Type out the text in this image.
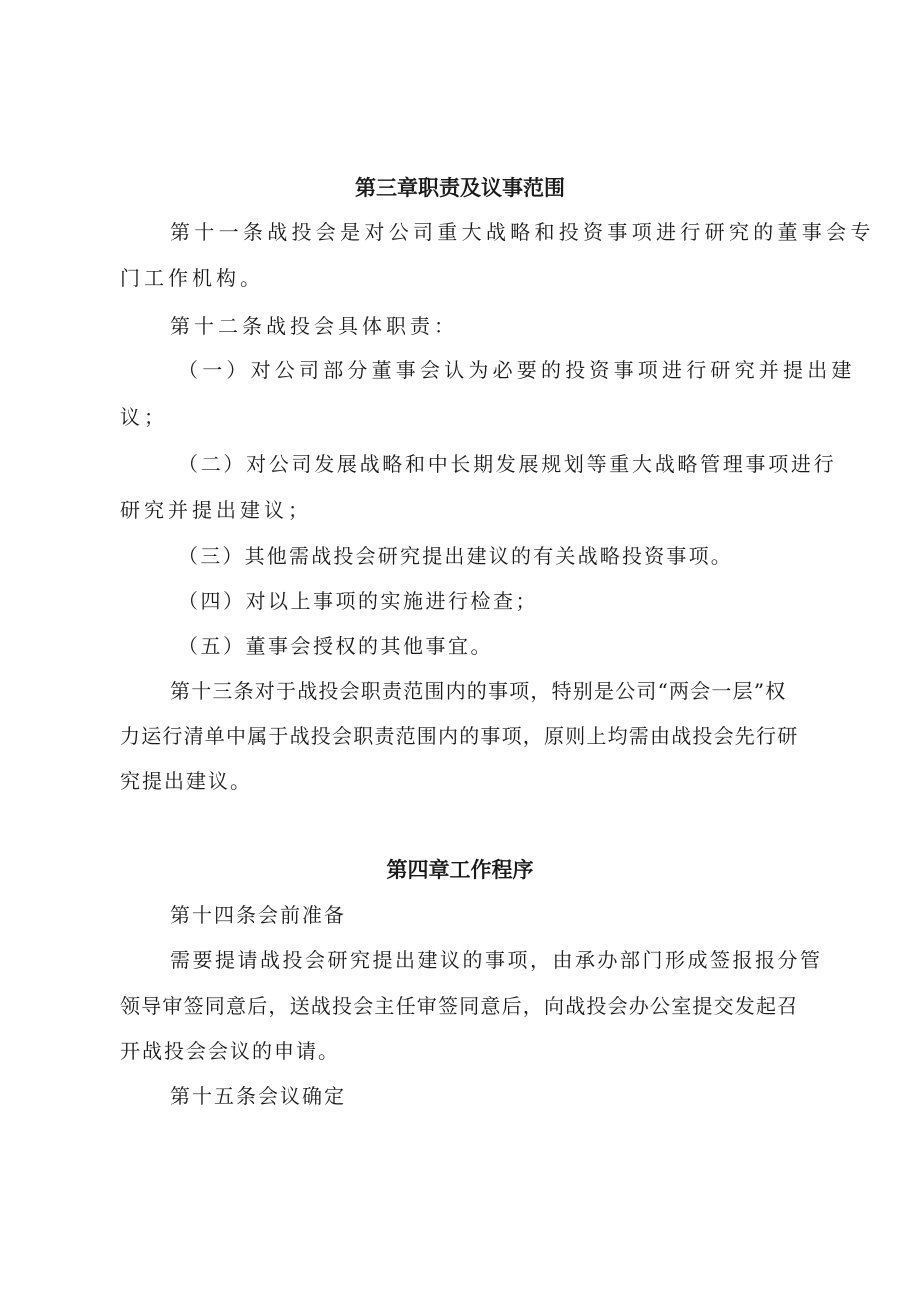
第三章职责及议事范围
第十一条战投会是对公司重大战略和投资事项进行研究的董事会专
门工作机构。
第十二条战投会具体职责：
（一）对公司部分董事会认为必要的投资事项进行研究并提出建
议；
（二）对公司发展战略和中长期发展规划等重大战略管理事项进行
研究并提出建议；
（三）其他需战投会研究提出建议的有关战略投资事项。
（四）对以上事项的实施进行检查；
（五）董事会授权的其他事宜。
第十三条对于战投会职责范围内的事项，特别是公司“两会一层”权
力运行清单中属于战投会职责范围内的事项，原则上均需由战投会先行研
究提出建议。
第四章工作程序
第十四条会前准备
需要提请战投会研究提出建议的事项，由承办部门形成签报报分管
领导审签同意后，送战投会主任审签同意后，向战投会办公室提交发起召
开战投会会议的申请。
第十五条会议确定
